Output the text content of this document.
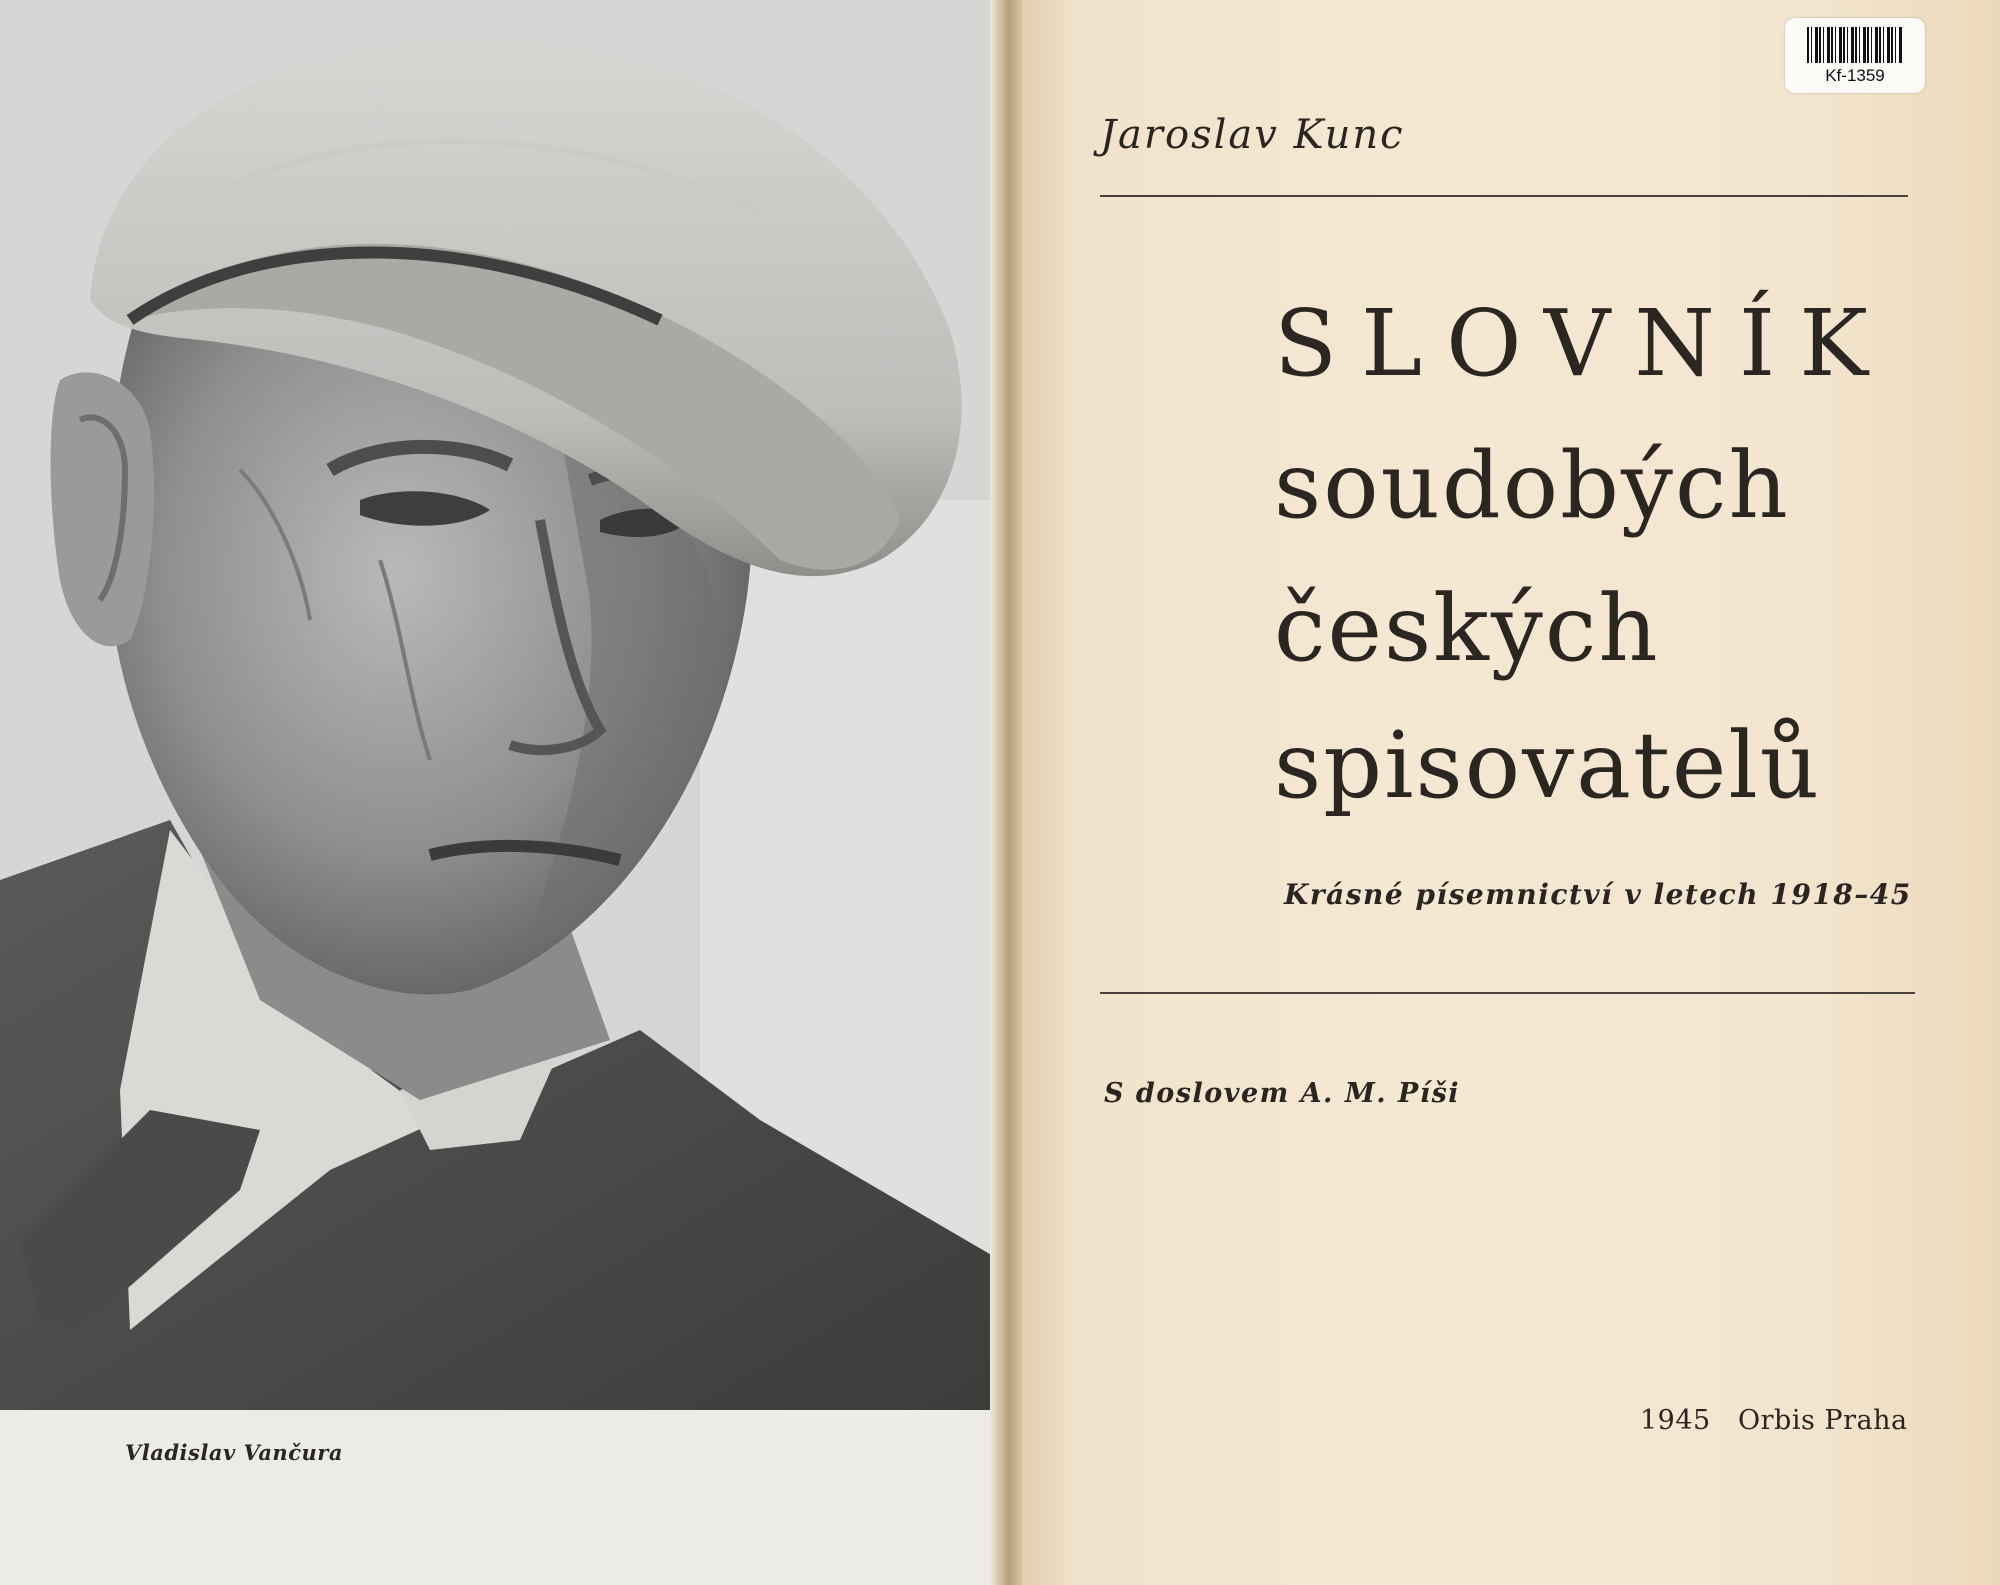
Vladislav Vančura
Jaroslav Kunc
SLOVNÍK
soudobých
českých
spisovatelů
Krásné písemnictví v letech 1918–45
S doslovem A. M. Píši
1945 Orbis Praha
Kf-1359
